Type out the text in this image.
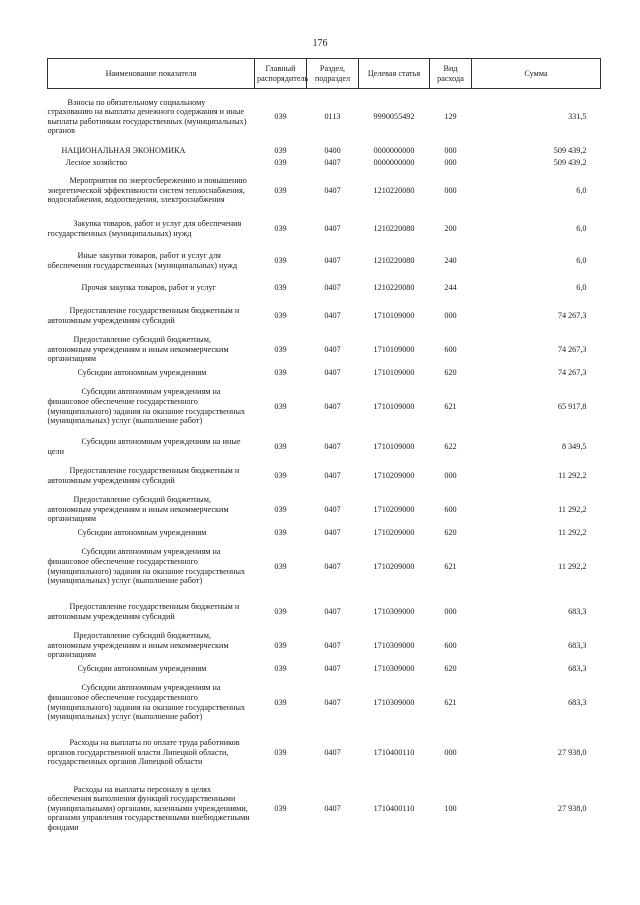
176
Наименование показателя	Главный распорядитель	Раздел, подраздел	Целевая статья	Вид расхода	Сумма
Взносы по обязательному социальному страхованию на выплаты денежного содержания и иные выплаты работникам государственных (муниципальных) органов	039	0113	9990055492	129	331,5
НАЦИОНАЛЬНАЯ ЭКОНОМИКА	039	0400	0000000000	000	509 439,2
Лесное хозяйство	039	0407	0000000000	000	509 439,2
Мероприятия по энергосбережению и повышению энергетической эффективности систем теплоснабжения, водоснабжения, водоотведения, электроснабжения	039	0407	1210220080	000	6,0
Закупка товаров, работ и услуг для обеспечения государственных (муниципальных) нужд	039	0407	1210220080	200	6,0
Иные закупки товаров, работ и услуг для обеспечения государственных (муниципальных) нужд	039	0407	1210220080	240	6,0
Прочая закупка товаров, работ и услуг	039	0407	1210220080	244	6,0
Предоставление государственным бюджетным и автономным учреждениям субсидий	039	0407	1710109000	000	74 267,3
Предоставление субсидий бюджетным, автономным учреждениям и иным некоммерческим организациям	039	0407	1710109000	600	74 267,3
Субсидии автономным учреждениям	039	0407	1710109000	620	74 267,3
Субсидии автономным учреждениям на финансовое обеспечение государственного (муниципального) задания на оказание государственных (муниципальных) услуг (выполнение работ)	039	0407	1710109000	621	65 917,8
Субсидии автономным учреждениям на иные цели	039	0407	1710109000	622	8 349,5
Предоставление государственным бюджетным и автономным учреждениям субсидий	039	0407	1710209000	000	11 292,2
Предоставление субсидий бюджетным, автономным учреждениям и иным некоммерческим организациям	039	0407	1710209000	600	11 292,2
Субсидии автономным учреждениям	039	0407	1710209000	620	11 292,2
Субсидии автономным учреждениям на финансовое обеспечение государственного (муниципального) задания на оказание государственных (муниципальных) услуг (выполнение работ)	039	0407	1710209000	621	11 292,2
Предоставление государственным бюджетным и автономным учреждениям субсидий	039	0407	1710309000	000	683,3
Предоставление субсидий бюджетным, автономным учреждениям и иным некоммерческим организациям	039	0407	1710309000	600	683,3
Субсидии автономным учреждениям	039	0407	1710309000	620	683,3
Субсидии автономным учреждениям на финансовое обеспечение государственного (муниципального) задания на оказание государственных (муниципальных) услуг (выполнение работ)	039	0407	1710309000	621	683,3
Расходы на выплаты по оплате труда работников органов государственной власти Липецкой области, государственных органов Липецкой области	039	0407	1710400110	000	27 938,0
Расходы на выплаты персоналу в целях обеспечения выполнения функций государственными (муниципальными) органами, казенными учреждениями, органами управления государственными внебюджетными фондами	039	0407	1710400110	100	27 938,0
